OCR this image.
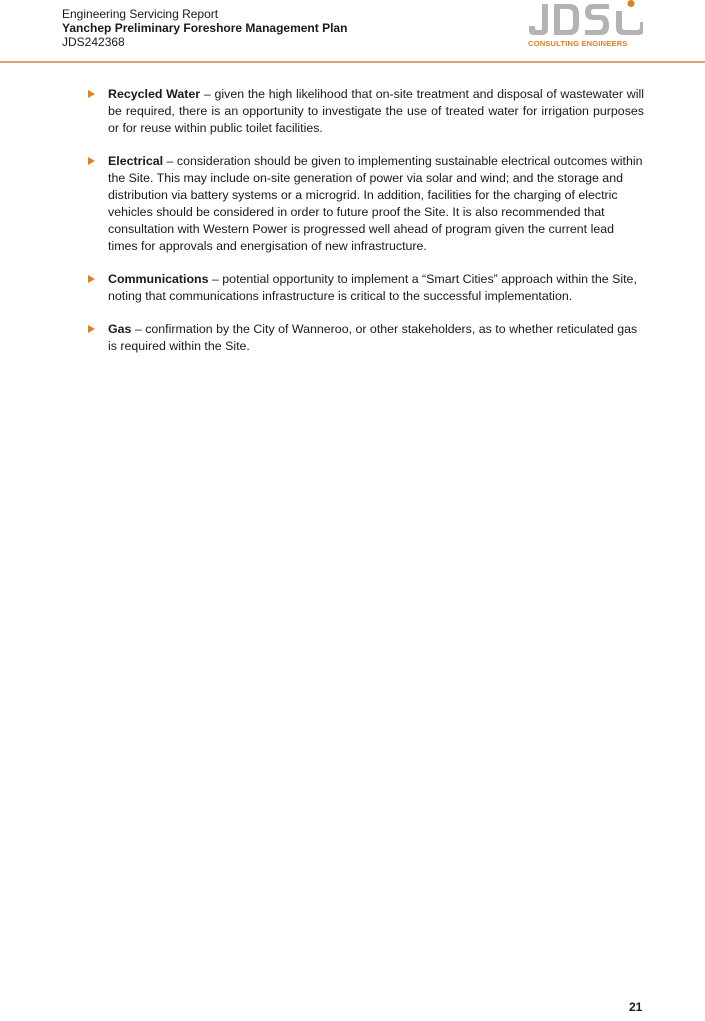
Engineering Servicing Report
Yanchep Preliminary Foreshore Management Plan
JDS242368	CONSULTING ENGINEERS

Recycled Water – given the high likelihood that on-site treatment and disposal of wastewater will be required, there is an opportunity to investigate the use of treated water for irrigation purposes or for reuse within public toilet facilities.

Electrical – consideration should be given to implementing sustainable electrical outcomes within the Site. This may include on-site generation of power via solar and wind; and the storage and distribution via battery systems or a microgrid. In addition, facilities for the charging of electric vehicles should be considered in order to future proof the Site. It is also recommended that consultation with Western Power is progressed well ahead of program given the current lead times for approvals and energisation of new infrastructure.

Communications – potential opportunity to implement a “Smart Cities” approach within the Site, noting that communications infrastructure is critical to the successful implementation.

Gas – confirmation by the City of Wanneroo, or other stakeholders, as to whether reticulated gas is required within the Site.

21
